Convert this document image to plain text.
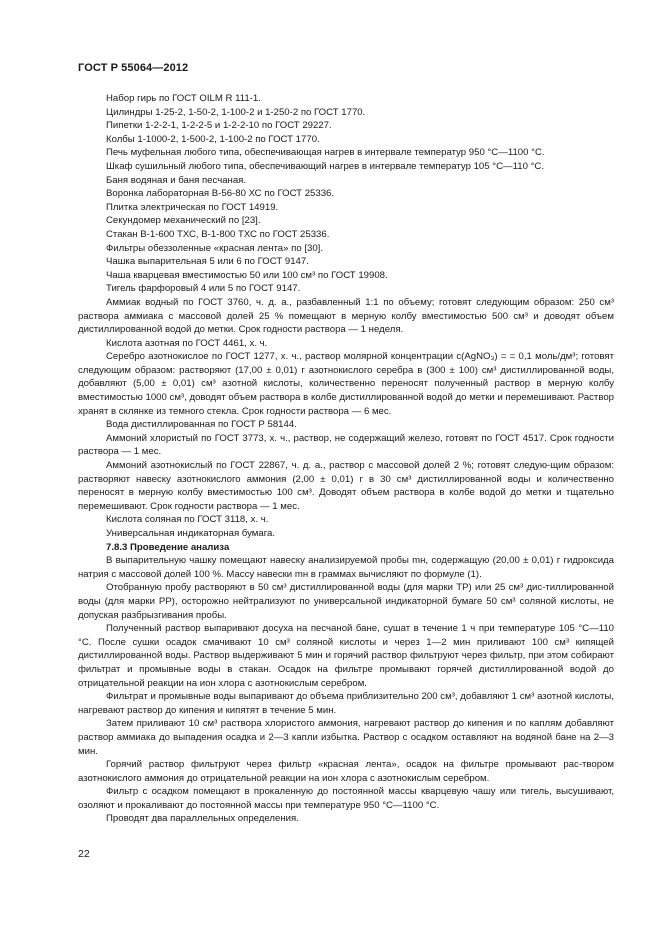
ГОСТ Р 55064—2012

Набор гирь по ГОСТ OILM R 111-1.

Цилиндры 1-25-2, 1-50-2, 1-100-2 и 1-250-2 по ГОСТ 1770.

Пипетки 1-2-2-1, 1-2-2-5 и 1-2-2-10 по ГОСТ 29227.

Колбы 1-1000-2, 1-500-2, 1-100-2 по ГОСТ 1770.

Печь муфельная любого типа, обеспечивающая нагрев в интервале температур 950 °С—1100 °С.

Шкаф сушильный любого типа, обеспечивающий нагрев в интервале температур 105 °С—110 °С.

Баня водяная и баня песчаная.

Воронка лабораторная В-56-80 ХС по ГОСТ 25336.

Плитка электрическая по ГОСТ 14919.

Секундомер механический по [23].

Стакан В-1-600 ТХС, В-1-800 ТХС по ГОСТ 25336.

Фильтры обеззоленные «красная лента» по [30].

Чашка выпарительная 5 или 6 по ГОСТ 9147.

Чаша кварцевая вместимостью 50 или 100 см³ по ГОСТ 19908.

Тигель фарфоровый 4 или 5 по ГОСТ 9147.

Аммиак водный по ГОСТ 3760, ч. д. а., разбавленный 1:1 по объему; готовят следующим образом: 250 см³ раствора аммиака с массовой долей 25 % помещают в мерную колбу вместимостью 500 см³ и доводят объем дистиллированной водой до метки. Срок годности раствора — 1 неделя.

Кислота азотная по ГОСТ 4461, х. ч.

Серебро азотнокислое по ГОСТ 1277, х. ч., раствор молярной концентрации c(AgNO₃) = = 0,1 моль/дм³; готовят следующим образом: растворяют (17,00 ± 0,01) г азотнокислого серебра в (300 ± 100) см³ дистиллированной воды, добавляют (5,00 ± 0,01) см³ азотной кислоты, количественно переносят полученный раствор в мерную колбу вместимостью 1000 см³, доводят объем раствора в колбе дистиллированной водой до метки и перемешивают. Раствор хранят в склянке из темного стекла. Срок годности раствора — 6 мес.

Вода дистиллированная по ГОСТ Р 58144.

Аммоний хлористый по ГОСТ 3773, х. ч., раствор, не содержащий железо, готовят по ГОСТ 4517. Срок годности раствора — 1 мес.

Аммоний азотнокислый по ГОСТ 22867, ч. д. а., раствор с массовой долей 2 %; готовят следую-щим образом: растворяют навеску азотнокислого аммония (2,00 ± 0,01) г в 30 см³ дистиллированной воды и количественно переносят в мерную колбу вместимостью 100 см³. Доводят объем раствора в колбе водой до метки и тщательно перемешивают. Срок годности раствора — 1 мес.

Кислота соляная по ГОСТ 3118, х. ч.

Универсальная индикаторная бумага.

7.8.3 Проведение анализа

В выпарительную чашку помещают навеску анализируемой пробы mн, содержащую (20,00 ± 0,01) г гидроксида натрия с массовой долей 100 %. Массу навески mн в граммах вычисляют по формуле (1).

Отобранную пробу растворяют в 50 см³ дистиллированной воды (для марки ТР) или 25 см³ дис-тиллированной воды (для марки РР), осторожно нейтрализуют по универсальной индикаторной бумаге 50 см³ соляной кислоты, не допуская разбрызгивания пробы.

Полученный раствор выпаривают досуха на песчаной бане, сушат в течение 1 ч при температуре 105 °С—110 °С. После сушки осадок смачивают 10 см³ соляной кислоты и через 1—2 мин приливают 100 см³ кипящей дистиллированной воды. Раствор выдерживают 5 мин и горячий раствор фильтруют через фильтр, при этом собирают фильтрат и промывные воды в стакан. Осадок на фильтре промывают горячей дистиллированной водой до отрицательной реакции на ион хлора с азотнокислым серебром.

Фильтрат и промывные воды выпаривают до объема приблизительно 200 см³, добавляют 1 см³ азотной кислоты, нагревают раствор до кипения и кипятят в течение 5 мин.

Затем приливают 10 см³ раствора хлористого аммония, нагревают раствор до кипения и по каплям добавляют раствор аммиака до выпадения осадка и 2—3 капли избытка. Раствор с осадком оставляют на водяной бане на 2—3 мин.

Горячий раствор фильтруют через фильтр «красная лента», осадок на фильтре промывают рас-твором азотнокислого аммония до отрицательной реакции на ион хлора с азотнокислым серебром.

Фильтр с осадком помещают в прокаленную до постоянной массы кварцевую чашу или тигель, высушивают, озоляют и прокаливают до постоянной массы при температуре 950 °С—1100 °С.

Проводят два параллельных определения.

22
